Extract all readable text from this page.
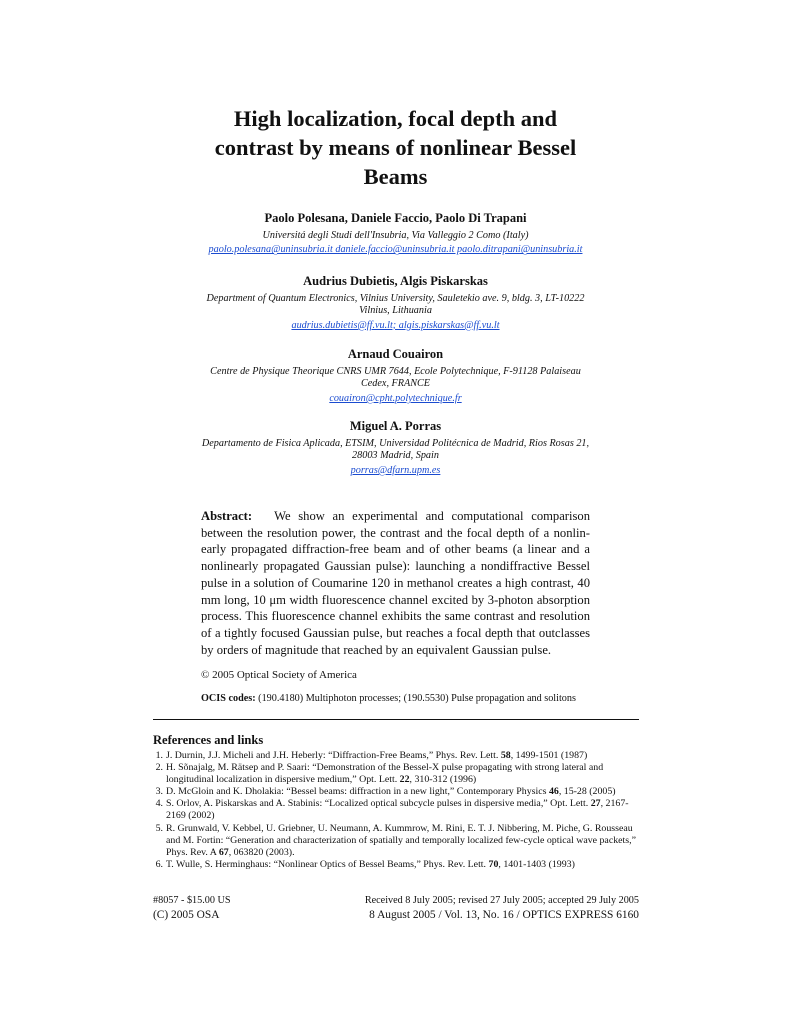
High localization, focal depth and
contrast by means of nonlinear Bessel
Beams
Paolo Polesana, Daniele Faccio, Paolo Di Trapani
Universitá degli Studi dell'Insubria, Via Valleggio 2 Como (Italy)
paolo.polesana@uninsubria.it daniele.faccio@uninsubria.it paolo.ditrapani@uninsubria.it
Audrius Dubietis, Algis Piskarskas
Department of Quantum Electronics, Vilnius University, Sauletekio ave. 9, bldg. 3, LT-10222
Vilnius, Lithuania
audrius.dubietis@ff.vu.lt; algis.piskarskas@ff.vu.lt
Arnaud Couairon
Centre de Physique Theorique CNRS UMR 7644, Ecole Polytechnique, F-91128 Palaiseau
Cedex, FRANCE
couairon@cpht.polytechnique.fr
Miguel A. Porras
Departamento de Fisica Aplicada, ETSIM, Universidad Politécnica de Madrid, Rios Rosas 21,
28003 Madrid, Spain
porras@dfarn.upm.es
Abstract: We show an experimental and computational comparison between the resolution power, the contrast and the focal depth of a nonlin-early propagated diffraction-free beam and of other beams (a linear and a nonlinearly propagated Gaussian pulse): launching a nondiffractive Bessel pulse in a solution of Coumarine 120 in methanol creates a high contrast, 40 mm long, 10 μm width fluorescence channel excited by 3-photon absorption process. This fluorescence channel exhibits the same contrast and resolution of a tightly focused Gaussian pulse, but reaches a focal depth that outclasses by orders of magnitude that reached by an equivalent Gaussian pulse.
© 2005 Optical Society of America
OCIS codes: (190.4180) Multiphoton processes; (190.5530) Pulse propagation and solitons
References and links
1. J. Durnin, J.J. Micheli and J.H. Heberly: “Diffraction-Free Beams,” Phys. Rev. Lett. 58, 1499-1501 (1987)
2. H. Sõnajalg, M. Rätsep and P. Saari: “Demonstration of the Bessel-X pulse propagating with strong lateral and longitudinal localization in dispersive medium,” Opt. Lett. 22, 310-312 (1996)
3. D. McGloin and K. Dholakia: “Bessel beams: diffraction in a new light,” Contemporary Physics 46, 15-28 (2005)
4. S. Orlov, A. Piskarskas and A. Stabinis: “Localized optical subcycle pulses in dispersive media,” Opt. Lett. 27, 2167-2169 (2002)
5. R. Grunwald, V. Kebbel, U. Griebner, U. Neumann, A. Kummrow, M. Rini, E. T. J. Nibbering, M. Piche, G. Rousseau and M. Fortin: “Generation and characterization of spatially and temporally localized few-cycle optical wave packets,” Phys. Rev. A 67, 063820 (2003).
6. T. Wulle, S. Herminghaus: “Nonlinear Optics of Bessel Beams,” Phys. Rev. Lett. 70, 1401-1403 (1993)
#8057 - $15.00 US
(C) 2005 OSA
Received 8 July 2005; revised 27 July 2005; accepted 29 July 2005
8 August 2005 / Vol. 13, No. 16 / OPTICS EXPRESS 6160
